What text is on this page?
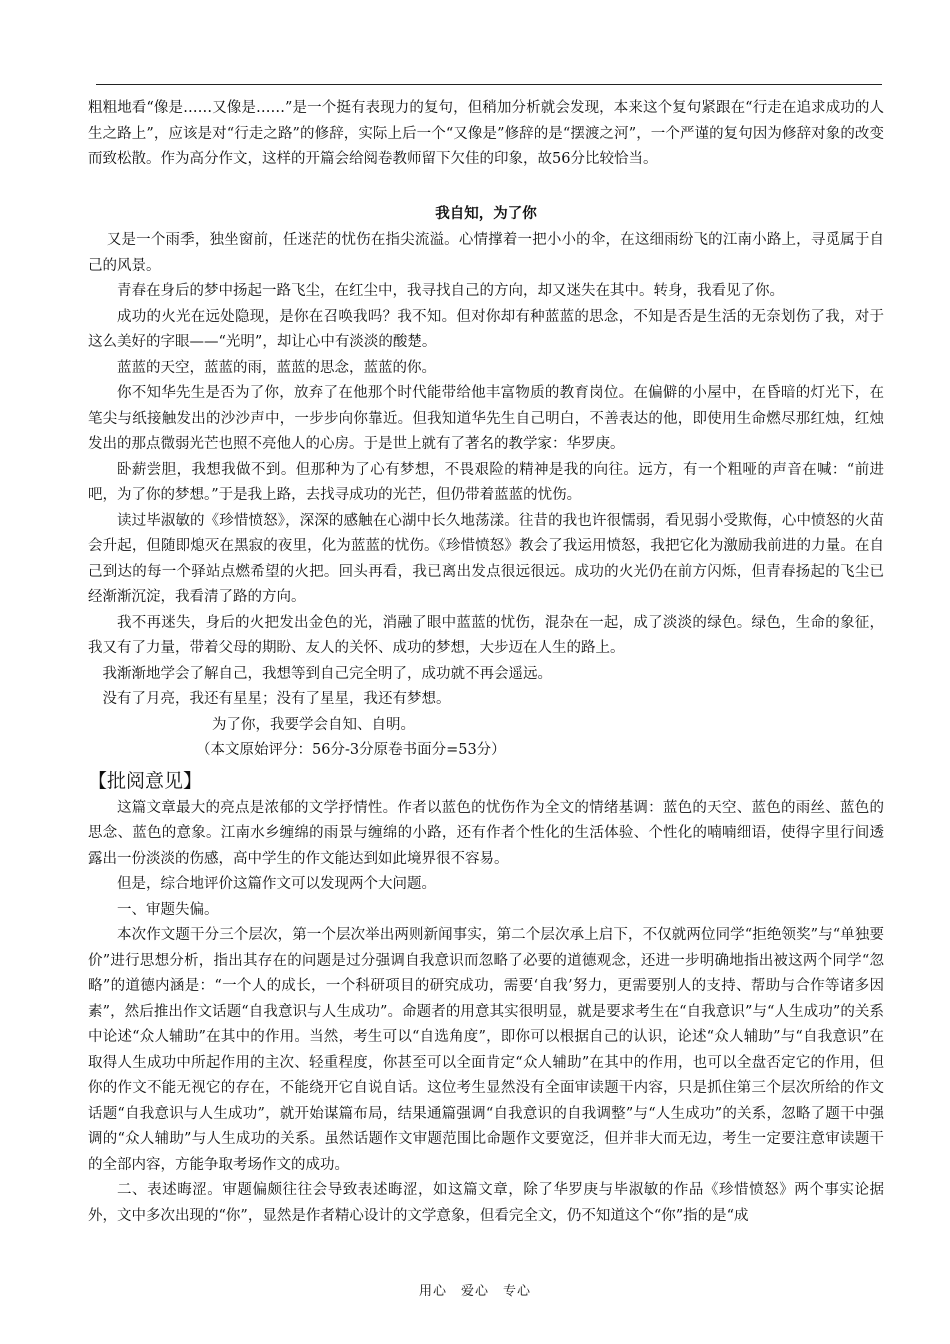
粗粗地看“像是……又像是……”是一个挺有表现力的复句，但稍加分析就会发现，本来这个复句紧跟在“行走在追求成功的人生之路上”，应该是对“行走之路”的修辞，实际上后一个“又像是”修辞的是“摆渡之河”，一个严谨的复句因为修辞对象的改变而致松散。作为高分作文，这样的开篇会给阅卷教师留下欠佳的印象，故56分比较恰当。

我自知，为了你

又是一个雨季，独坐窗前，任迷茫的忧伤在指尖流溢。心情撑着一把小小的伞，在这细雨纷飞的江南小路上，寻觅属于自己的风景。

青春在身后的梦中扬起一路飞尘，在红尘中，我寻找自己的方向，却又迷失在其中。转身，我看见了你。

成功的火光在远处隐现，是你在召唤我吗？我不知。但对你却有种蓝蓝的思念，不知是否是生活的无奈划伤了我，对于这么美好的字眼——“光明”，却让心中有淡淡的酸楚。

蓝蓝的天空，蓝蓝的雨，蓝蓝的思念，蓝蓝的你。

你不知华先生是否为了你，放弃了在他那个时代能带给他丰富物质的教育岗位。在偏僻的小屋中，在昏暗的灯光下，在笔尖与纸接触发出的沙沙声中，一步步向你靠近。但我知道华先生自己明白，不善表达的他，即使用生命燃尽那红烛，红烛发出的那点微弱光芒也照不亮他人的心房。于是世上就有了著名的教学家：华罗庚。

卧薪尝胆，我想我做不到。但那种为了心有梦想，不畏艰险的精神是我的向往。远方，有一个粗哑的声音在喊：“前进吧，为了你的梦想。”于是我上路，去找寻成功的光芒，但仍带着蓝蓝的忧伤。

读过毕淑敏的《珍惜愤怒》，深深的感触在心湖中长久地荡漾。往昔的我也许很懦弱，看见弱小受欺侮，心中愤怒的火苗会升起，但随即熄灭在黑寂的夜里，化为蓝蓝的忧伤。《珍惜愤怒》教会了我运用愤怒，我把它化为激励我前进的力量。在自己到达的每一个驿站点燃希望的火把。回头再看，我已离出发点很远很远。成功的火光仍在前方闪烁，但青春扬起的飞尘已经渐渐沉淀，我看清了路的方向。

我不再迷失，身后的火把发出金色的光，消融了眼中蓝蓝的忧伤，混杂在一起，成了淡淡的绿色。绿色，生命的象征，我又有了力量，带着父母的期盼、友人的关怀、成功的梦想，大步迈在人生的路上。

我渐渐地学会了解自己，我想等到自己完全明了，成功就不再会遥远。

没有了月亮，我还有星星；没有了星星，我还有梦想。

为了你，我要学会自知、自明。

（本文原始评分：56分-3分原卷书面分=53分）

【批阅意见】

这篇文章最大的亮点是浓郁的文学抒情性。作者以蓝色的忧伤作为全文的情绪基调：蓝色的天空、蓝色的雨丝、蓝色的思念、蓝色的意象。江南水乡缠绵的雨景与缠绵的小路，还有作者个性化的生活体验、个性化的喃喃细语，使得字里行间透露出一份淡淡的伤感，高中学生的作文能达到如此境界很不容易。

但是，综合地评价这篇作文可以发现两个大问题。

一、审题失偏。

本次作文题干分三个层次，第一个层次举出两则新闻事实，第二个层次承上启下，不仅就两位同学“拒绝领奖”与“单独要价”进行思想分析，指出其存在的问题是过分强调自我意识而忽略了必要的道德观念，还进一步明确地指出被这两个同学“忽略”的道德内涵是：“一个人的成长，一个科研项目的研究成功，需要‘自我’努力，更需要别人的支持、帮助与合作等诸多因素”，然后推出作文话题“自我意识与人生成功”。命题者的用意其实很明显，就是要求考生在“自我意识”与“人生成功”的关系中论述“众人辅助”在其中的作用。当然，考生可以“自选角度”，即你可以根据自己的认识，论述“众人辅助”与“自我意识”在取得人生成功中所起作用的主次、轻重程度，你甚至可以全面肯定“众人辅助”在其中的作用，也可以全盘否定它的作用，但你的作文不能无视它的存在，不能绕开它自说自话。这位考生显然没有全面审读题干内容，只是抓住第三个层次所给的作文话题“自我意识与人生成功”，就开始谋篇布局，结果通篇强调“自我意识的自我调整”与“人生成功”的关系，忽略了题干中强调的“众人辅助”与人生成功的关系。虽然话题作文审题范围比命题作文要宽泛，但并非大而无边，考生一定要注意审读题干的全部内容，方能争取考场作文的成功。

二、表述晦涩。审题偏颇往往会导致表述晦涩，如这篇文章，除了华罗庚与毕淑敏的作品《珍惜愤怒》两个事实论据外，文中多次出现的“你”，显然是作者精心设计的文学意象，但看完全文，仍不知道这个“你”指的是“成

用心　爱心　专心
